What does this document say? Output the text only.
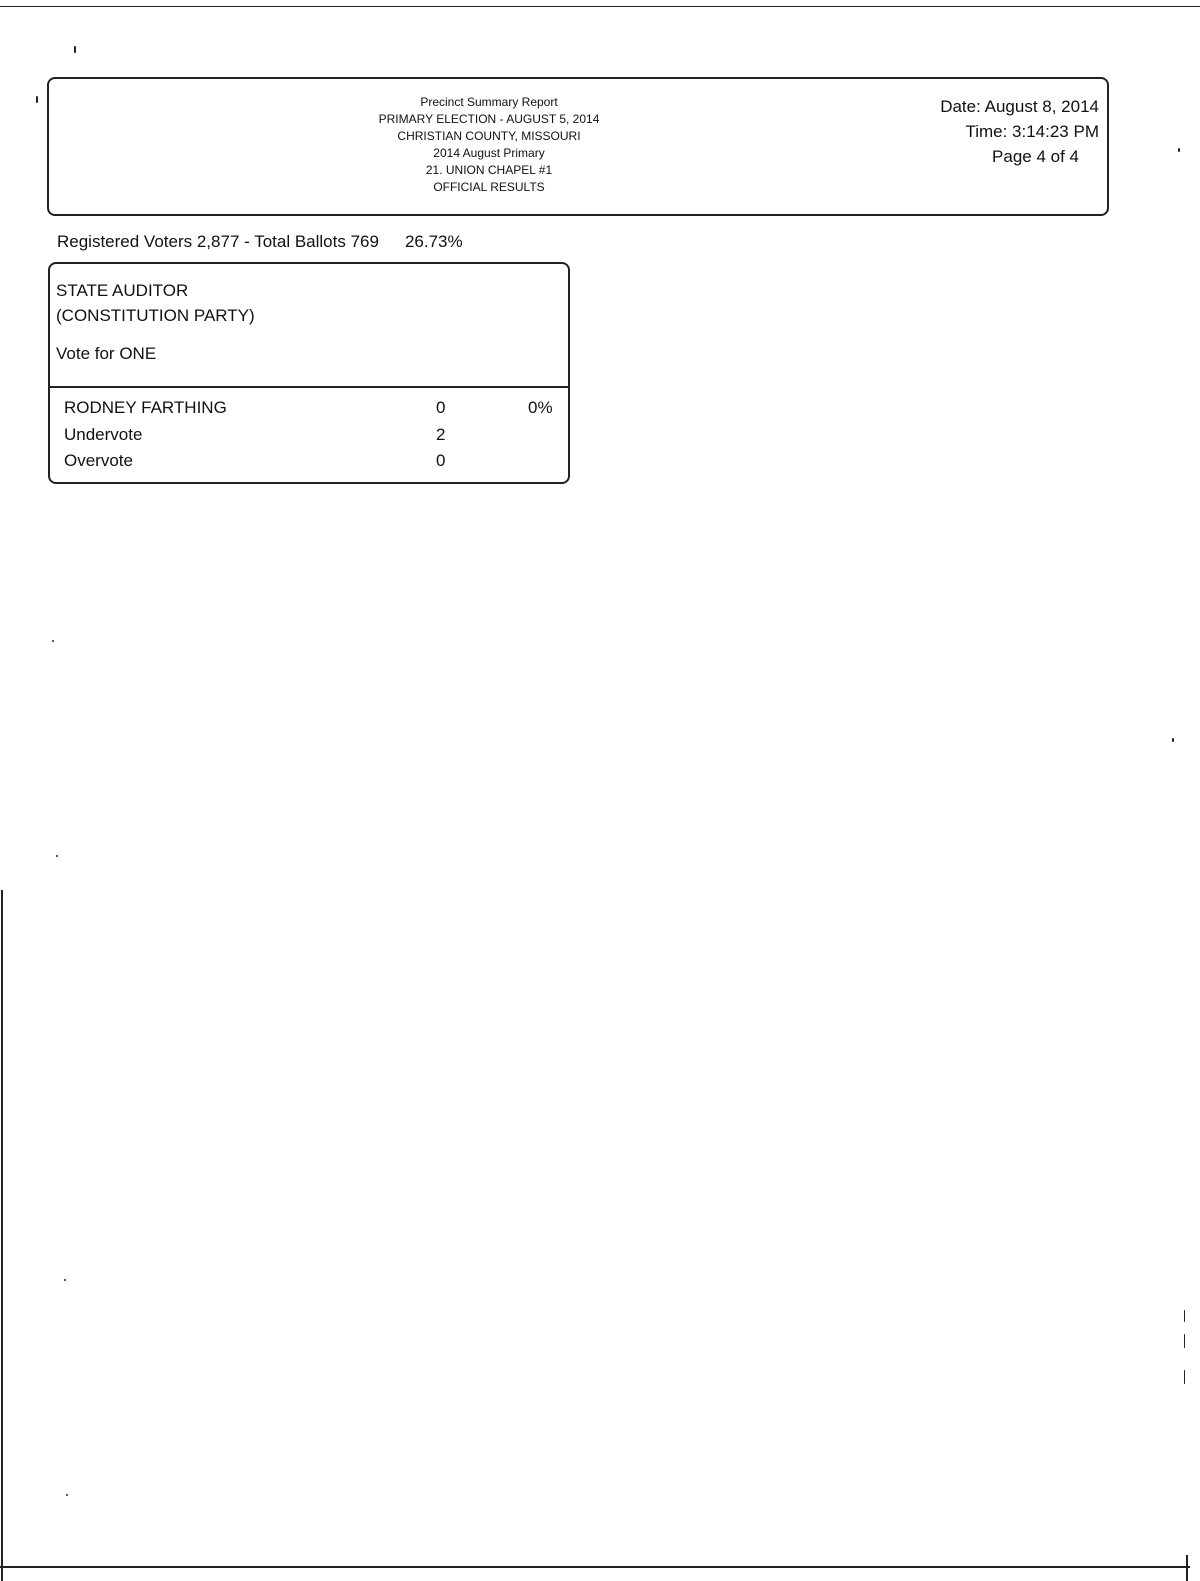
Precinct Summary Report
PRIMARY ELECTION - AUGUST 5, 2014
CHRISTIAN COUNTY, MISSOURI
2014 August Primary
21. UNION CHAPEL #1
OFFICIAL RESULTS
Date: August 8, 2014
Time: 3:14:23 PM
Page 4 of 4
Registered Voters 2,877 - Total Ballots 769 26.73%
STATE AUDITOR
(CONSTITUTION PARTY)
Vote for ONE
RODNEY FARTHING	0	0%
Undervote	2
Overvote	0
